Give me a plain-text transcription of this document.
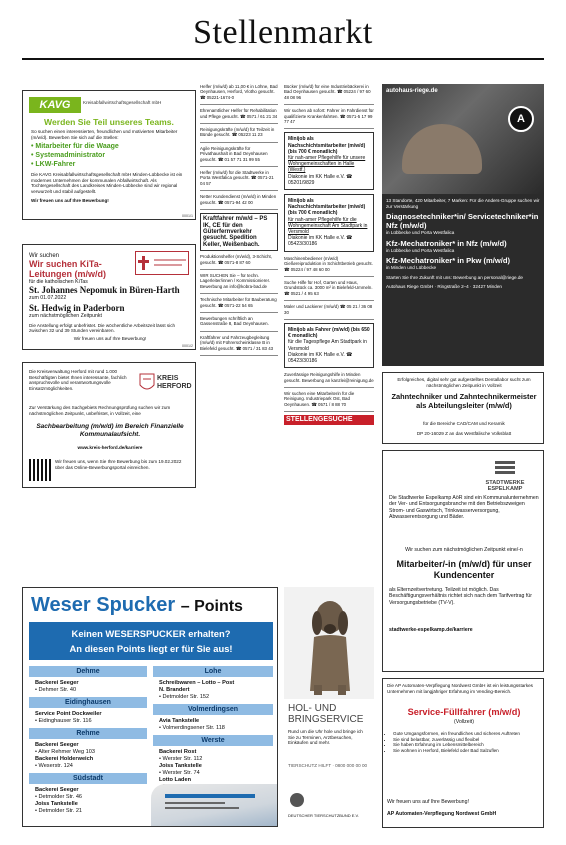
Stellenmarkt
KAVG	Kreisabfallwirtschaftsgesellschaft mbH
Werden Sie Teil unseres Teams.
So suchen einen interessierten, freundlichen und motivierten Mitarbeiter (m/w/d). Bewerben Sie sich auf die Stellen:
• Mitarbeiter für die Waage
• Systemadministrator
• LKW-Fahrer
Die KAVG Kreisabfallwirtschaftsgesellschaft mbH Minden-Lübbecke ist ein modernes Unternehmen der kommunalen Abfallwirtschaft. Als Tochtergesellschaft des Landkreises Minden-Lübbecke sind wir regional verwurzelt und stabil aufgestellt.
Wir freuen uns auf Ihre Bewerbung!
0001/1
Wir suchen
Wir suchen KiTa-Leitungen (m/w/d)
für die katholischen KiTas
St. Johannes Nepomuk in Büren-Harth
zum 01.07.2022
St. Hedwig in Paderborn
zum nächstmöglichen Zeitpunkt
Die Anstellung erfolgt unbefristet. Die wöchentliche Arbeitszeit lässt sich zwischen 32 und 39 Stunden vereinbaren.
Wir freuen uns auf Ihre Bewerbung!
0001/2
Die Kreisverwaltung Herford mit rund 1.000 Beschäftigten bietet Ihnen interessante, fachlich anspruchsvolle und verantwortungsvolle Einsatzmöglichkeiten.
KREIS HERFORD
Zur Verstärkung des Sachgebiets Rechnungsprüfung suchen wir zum nächstmöglichen Zeitpunkt, unbefristet, in Vollzeit, eine
Sachbearbeitung (m/w/d) im Bereich Finanzielle Kommunalaufsicht.
www.kreis-herford.de/karriere
Wir freuen uns, wenn Sie Ihre Bewerbung bis zum 19.02.2022 über das Online-Bewerbungsportal einreichen.
Weser Spucker – Points
Keinen WESERSPUCKER erhalten?
An diesen Points liegt er für Sie aus!
Dehme
Backerei Seeger
• Dehmer Str. 40
Eidinghausen
Service Point Dockweiler
• Eidinghauser Str. 116
Rehme
Backerei Seeger
• Alter Rehmer Weg 103
Backerei Holderweich
• Weserstr. 124
Südstadt
Backerei Seeger
• Detmolder Str. 46
Joiss Tankstelle
• Detmolder Str. 21
Lohe
Schreibwaren – Lotto – Post
N. Brandert
• Detmolder Str. 152
Volmerdingsen
Avia Tankstelle
• Volmerdingsener Str. 118
Werste
Backerei Rost
• Werster Str. 112
Joiss Tankstelle
• Werster Str. 74
Lotto Laden

Helfer (m/w/d) ab 11,00 € in Löhne, Bad Oeynhausen, Herford, Vlotho gesucht. ☎ 05221-1674-0
Ehrenamtlicher Helfer für Rehabilitation und Pflege gesucht. ☎ 0571 / 61 21 34
Reinigungskräfte (m/w/d) für Teilzeit in Bünde gesucht. ☎ 05223 11 23
Agile Reinigungskräfte für Privathaushalt in Bad Oeynhausen gesucht. ☎ 01 57 71 31 99 55
Helfer (m/w/d) für die Stadtwerke in Porta Westfalica gesucht. ☎ 0571-21 04 57
Netter Kundendienst (m/w/d) in Minden gesucht. ☎ 0571-94 42 00
Kraftfahrer m/w/d – PS IK, CE für den Güterfernverkehr gesucht. Spedition Keller, Weißenbach.
Produktionshelfer (m/w/d), 3-Schicht, gesucht. ☎ 0571-8 87 60
WIR SUCHEN Sie – für techn. Lagerleiter/innen / Kommissionierer. Bewerbung an info@kobra-bad.de
Technische Mitarbeiter für Bauberatung gesucht. ☎ 0571-22 54 65
Bewerbungen schriftlich an Gassenstraße 8, Bad Oeynhausen.
Kraftfahrer und Fahrzeugbegleitung (m/w/d) mit Führerscheinklasse B in Bielefeld gesucht. ☎ 0571 / 31 83 43
Bücker (m/w/d) für eine Industriebäckerei in Bad Oeynhausen gesucht. ☎ 05224 / 97 60 48 08 96
Wir suchen ab sofort: Fahrer im Fahrdienst für qualifizierte Krankenfahrten. ☎ 0571-5 17 99 77 47
Minijob als Nachschichtsmitarbeiter (m/w/d) (bis 700 € monatlich)
für nah-amer Pflegehilfe für unsere Wohngemeinschaften in Halle (Westf.)
Diakonie im KK Halle e.V. ☎ 05201/9829
Minijob als Nachschichtsmitarbeiter (m/w/d) (bis 700 € monatlich)
für nah-amer Pflegehilfe für die Wohngemeinschaft Am Stadtpark in Versmold
Diakonie im KK Halle e.V. ☎ 05423/30186
Maschinenbediener (m/w/d) Gießereiproduktion in Schichtbetrieb gesucht. ☎ 05224 / 97 48 60 00
Suche Hilfe für Hof, Garten und Haus, Grundstück ca. 3000 m² in Bielefeld-Ummeln. ☎ 0521 / 4 95 63
Maler und Lackierer (m/w/d) ☎ 05 21 / 36 08 30
Minijob als Fahrer (m/w/d) (bis 650 € monatlich)
für die Tagespflege Am Stadtpark in Versmold
Diakonie im KK Halle e.V. ☎ 05423/30186
Zuverlässige Reinigungshilfe in Minden gesucht. Bewerbung an kanzlei@reinigung.de
Wir suchen eine Mitarbeiterin für die Reinigung. Industriepark Ost, Bad Oeynhausen. ☎ 0571 / 8 88 70
STELLENGESUCHE
HOL- UND
BRINGSERVICE
Rund um die Uhr hole und bringe ich Sie zu Terminen, Arztbesuchen, Einkäufen und mehr.
TIERSCHUTZ HILFT · 0800 000 00 00
DEUTSCHER TIERSCHUTZBUND E.V.
A
autohaus-riege.de
13 Standorte, 420 Mitarbeiter, 7 Marken: Für die Anders-Gruppe suchen wir zur Verstärkung
Diagnosetechniker*in/ Servicetechniker*in Nfz (m/w/d)
in Lübbecke und Porta Westfalica
Kfz-Mechatroniker* in Nfz (m/w/d)
in Lübbecke und Porta Westfalica
Kfz-Mechatroniker* in Pkw (m/w/d)
in Minden und Lübbecke
Starten Sie Ihre Zukunft mit uns: Bewerbung an personal@riege.de
Autohaus Riege GmbH · Ringstraße 2–4 · 32427 Minden
Erfolgreiches, digital sehr gut aufgestelltes Dentallabor sucht zum nächstmöglichen Zeitpunkt in Vollzeit
Zahntechniker und Zahntechnikermeister als Abteilungsleiter (m/w/d)
für die Bereiche CAD/CAM und Keramik
DP 20-16029 Z an das Westfälische Volksblatt
STADTWERKE
ESPELKAMP
Die Stadtwerke Espelkamp AöR sind ein Kommunalunternehmen der Ver- und Entsorgungsbranche mit den Betriebszweigen Strom- und Gaswirtsch, Trinkwasserversorgung, Abwasserentsorgung und Bäder.
Wir suchen zum nächstmöglichen Zeitpunkt eine/-n
Mitarbeiter/-in (m/w/d) für unser Kundencenter
als Elternzeitvertretung. Teilzeit ist möglich. Das Beschäftigungsverhältnis richtet sich nach dem Tarifvertrag für Versorgungsbetriebe (TV-V).
stadtwerke-espelkamp.de/karriere
Die AP Automaten-Verpflegung Nordwest GmbH ist ein leistungsstarkes Unternehmen mit langjähriger Erfahrung im Vending-Bereich.
Service-Füllfahrer (m/w/d)
(Vollzeit)
• Gute Umgangsformen, ein freundliches und sicheres Auftreten
• Sie sind belastbar, zuverlässig und flexibel
• Sie haben Erfahrung im Lebensmittelbereich
• Sie wohnen in Herford, Bielefeld oder Bad Salzuflen
Wir freuen uns auf Ihre Bewerbung!
AP Automaten-Verpflegung Nordwest GmbH
